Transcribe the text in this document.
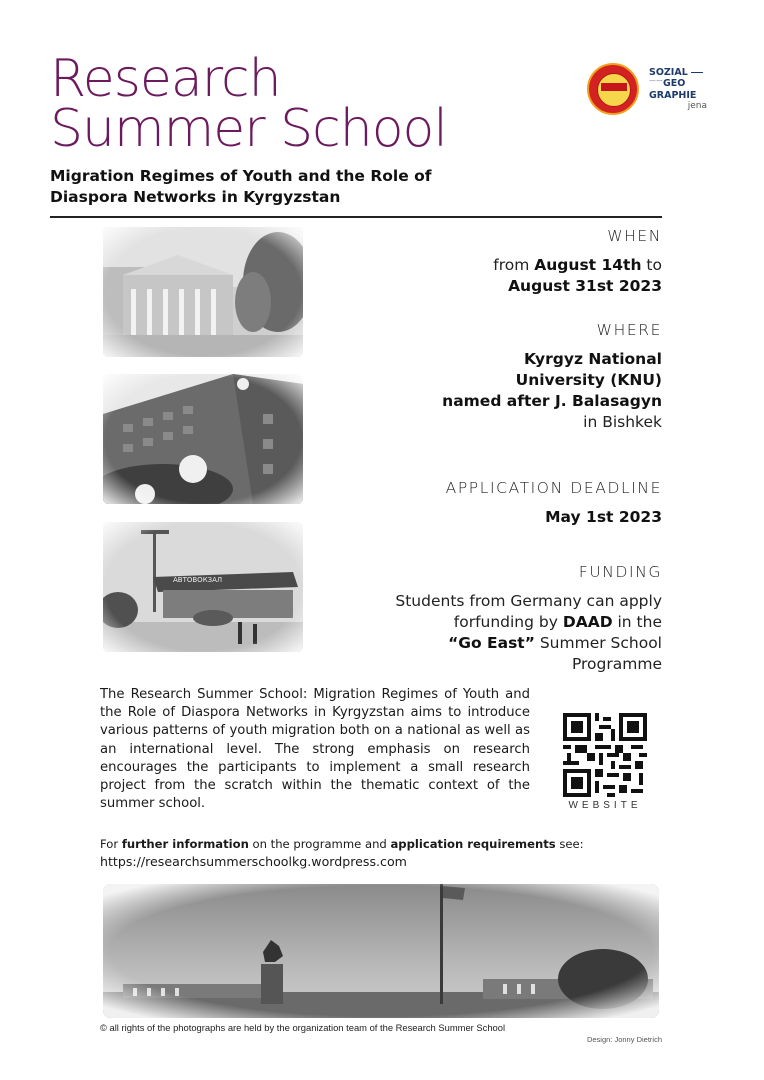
Research
Summer School
Migration Regimes of Youth and the Role of Diaspora Networks in Kyrgyzstan
SOZIAL
⌒⌒GEO
GRAPHIE

jena
WHEN
from August 14th to
August 31st 2023
WHERE
Kyrgyz National
University (KNU)
named after J. Balasagyn
in Bishkek
APPLICATION DEADLINE
May 1st 2023
FUNDING
Students from Germany can apply
forfunding by DAAD in the
“Go East” Summer School
Programme
The Research Summer School: Migration Regimes of Youth and the Role of Diaspora Networks in Kyrgyzstan aims to introduce various patterns of youth migration both on a national as well as an international level. The strong emphasis on research encourages the participants to implement a small research project from the scratch within the thematic context of the summer school.	WEBSITE
For further information on the programme and application requirements see:
https://researchsummerschoolkg.wordpress.com
© all rights of the photographs are held by the organization team of the Research Summer School
Design: Jonny Dietrich
